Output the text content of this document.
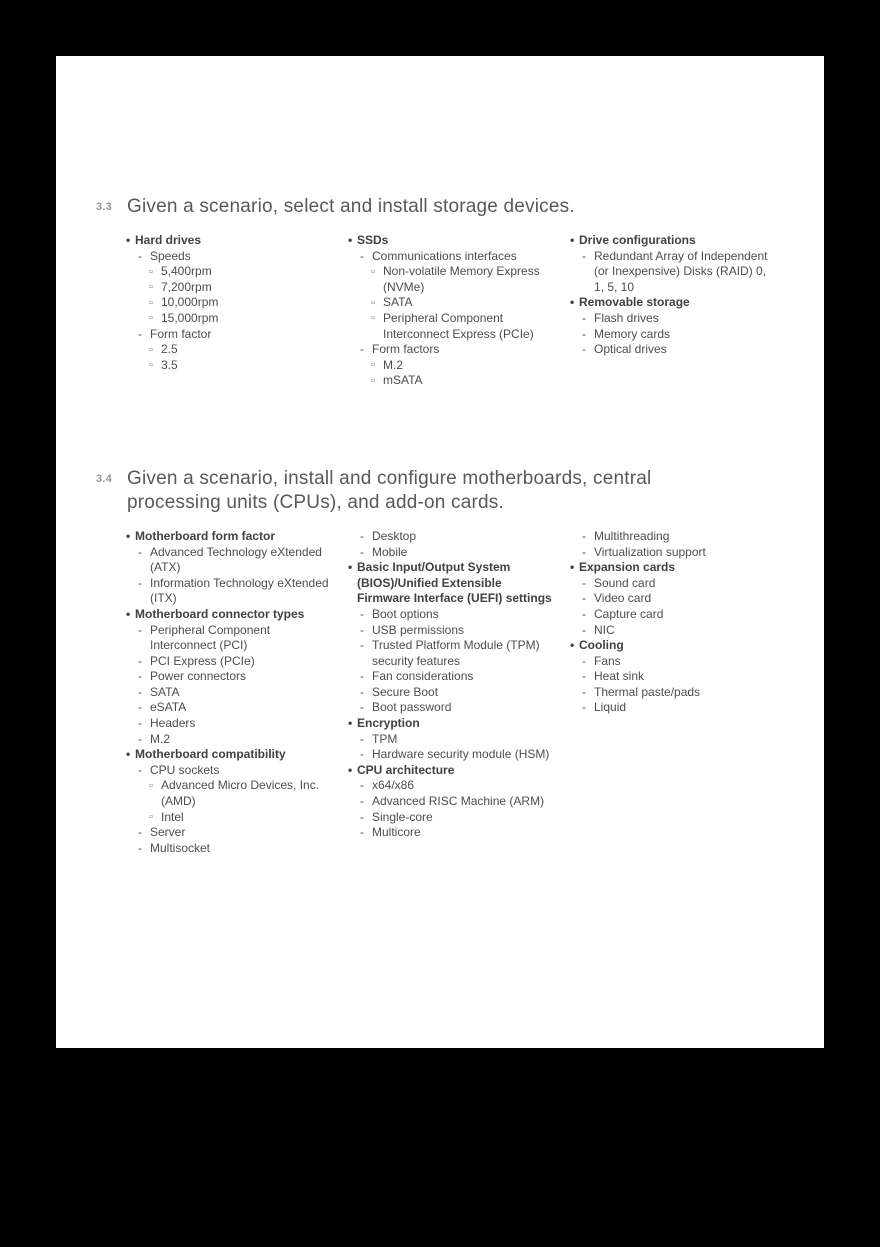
3.3 Given a scenario, select and install storage devices.
• Hard drives
- Speeds
▫ 5,400rpm
▫ 7,200rpm
▫ 10,000rpm
▫ 15,000rpm
- Form factor
▫ 2.5
▫ 3.5
• SSDs
- Communications interfaces
▫ Non-volatile Memory Express (NVMe)
▫ SATA
▫ Peripheral Component Interconnect Express (PCIe)
- Form factors
▫ M.2
▫ mSATA
• Drive configurations
- Redundant Array of Independent (or Inexpensive) Disks (RAID) 0, 1, 5, 10
• Removable storage
- Flash drives
- Memory cards
- Optical drives
3.4 Given a scenario, install and configure motherboards, central processing units (CPUs), and add-on cards.
• Motherboard form factor
- Advanced Technology eXtended (ATX)
- Information Technology eXtended (ITX)
• Motherboard connector types
- Peripheral Component Interconnect (PCI)
- PCI Express (PCIe)
- Power connectors
- SATA
- eSATA
- Headers
- M.2
• Motherboard compatibility
- CPU sockets
▫ Advanced Micro Devices, Inc. (AMD)
▫ Intel
- Server
- Multisocket
- Desktop
- Mobile
• Basic Input/Output System (BIOS)/Unified Extensible Firmware Interface (UEFI) settings
- Boot options
- USB permissions
- Trusted Platform Module (TPM) security features
- Fan considerations
- Secure Boot
- Boot password
• Encryption
- TPM
- Hardware security module (HSM)
• CPU architecture
- x64/x86
- Advanced RISC Machine (ARM)
- Single-core
- Multicore
- Multithreading
- Virtualization support
• Expansion cards
- Sound card
- Video card
- Capture card
- NIC
• Cooling
- Fans
- Heat sink
- Thermal paste/pads
- Liquid
